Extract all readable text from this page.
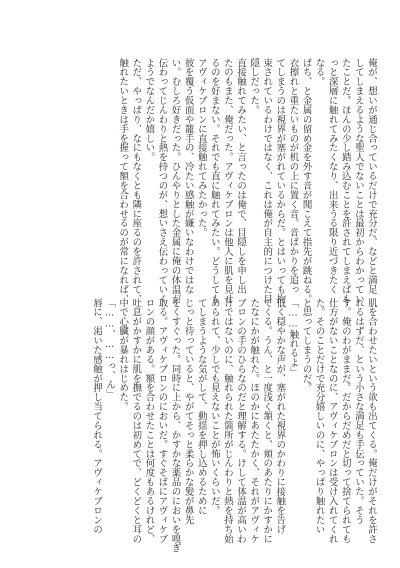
俺が、想いが通じ合っているだけで充分だ、などと満足
してしまえるような聖人でないことは最初からわかってい
たことだ。ほんの少し踏み込むことを許されてしまえばも
っと深層に触れてみたくなり、出来うる限り近づきたく
なる。
ぱち、と金属の留め金を外す音が聞こえて指先が跳ねる。
衣擦れと重たいものが机の上に置く音。音ばかりを追っ
てしまうのは視界が塞がれているからだ。とはいっても拘
束されているわけではなく、これは俺が自主的につけた目
隠しだった。
直接触れてみたい、と言ったのは俺で、目隠しを申し出
たのもまた、俺だった。アヴィケブロンは他人に肌を見せ
るのを好まない。それでも直に触れてみたい。どうしても
アヴィケブロンに直接触れてみたかった。
彼を覆う仮面や籠手の、冷たい感触が嫌いなわけではな
い。むしろ好きだった。ひんやりとした金属に俺の体温が
伝わってじんわりと熱を持つのが、想いさえ伝わっていく
ようでなんだか嬉しい。
ただ、やっぱり、なにもなくとも隣に座るのを許されて、
触れたいときは手を握って額を合わせるのが常になれば、
肌を合わせたいという欲も出てくる。俺だけがそれを許さ
れるはずだ、という小さな満足も手伝っていた。そう
す。俺のわがままだ。だからだめだと切って捨てられても
仕方がないことなのに、アヴィケブロンは受け入れてくれ
た。そのことだけで充分嬉しいのに、やっぱり触れたい
と思ってしまうのだ。
「……触れるよ」
低く穏やかな声が、塞がれた視界のかわりに接触を告げ
てくる。うん、と一度浅く頷くと、頬のあたりにかすかに
たなにかが触れた。ほのかにあたたかく、それがアヴィケ
ブロンの手のひらなのだと理解する。けして体温が高いわ
けではないのに、触れられた箇所がじんわりと熱を持ち始
められて、少しでも見えないことが怖いくらいだ。
てしまうような気がして、動揺を押し込めるために
じっと待っていると、やがてそっと柔らかな髪が鼻先
をくすぐった。同時に上から、かすかな薬品のにおいを嗅ぎ
取る。アヴィケブロンのにおいだ。すぐそばにアヴィケブ
ロンの顔がある。額を合わせたことは何度もあるけれど、
吐息がかすかに肌を撫でるのは初めてで、どくどくと耳の
中で心臓が暴れはじめた。
「……、……っ、ん」
唇に、渇いた感触が押し当てられる。アヴィケブロンの
